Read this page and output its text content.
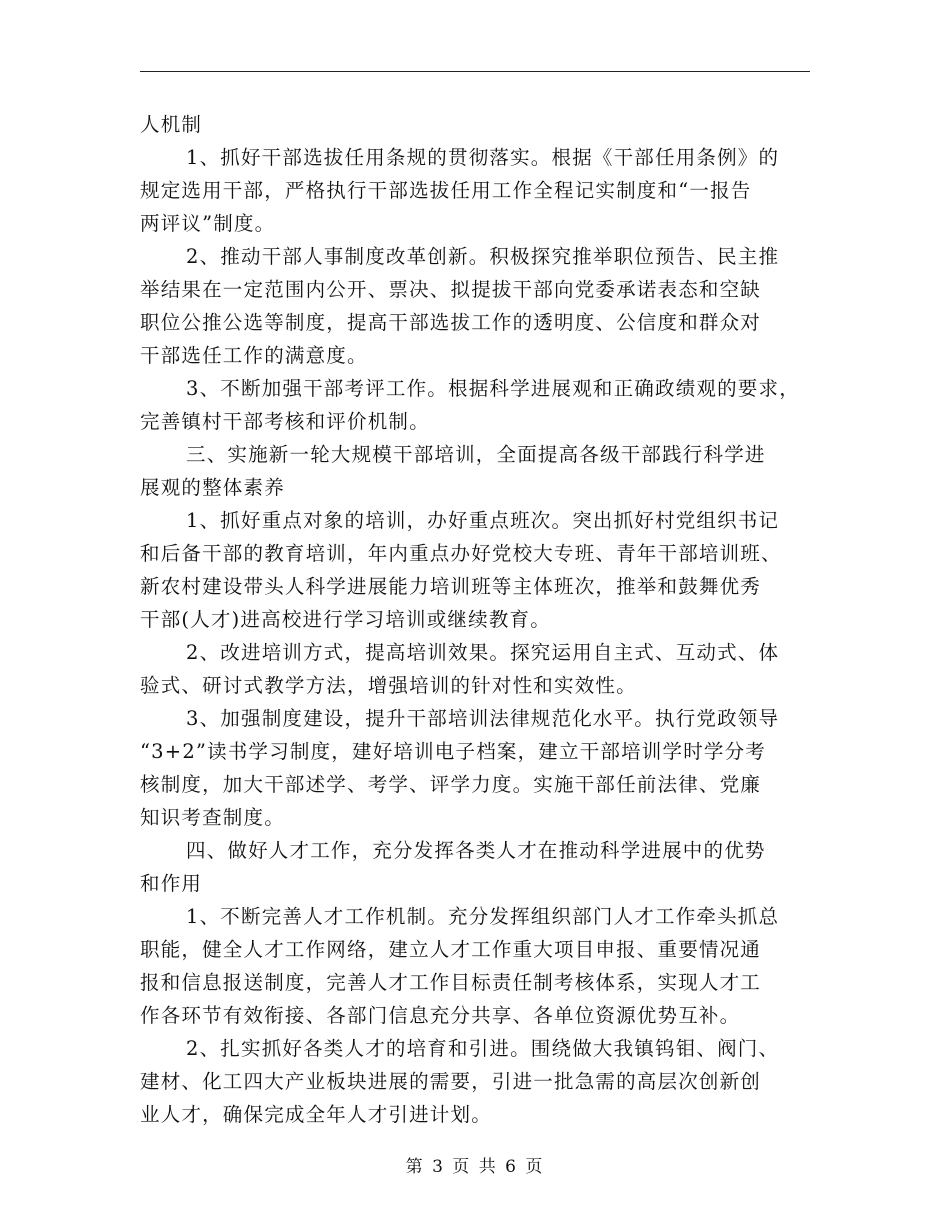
人机制
1、抓好干部选拔任用条规的贯彻落实。根据《干部任用条例》的
规定选用干部，严格执行干部选拔任用工作全程记实制度和“一报告
两评议”制度。
2、推动干部人事制度改革创新。积极探究推举职位预告、民主推
举结果在一定范围内公开、票决、拟提拔干部向党委承诺表态和空缺
职位公推公选等制度，提高干部选拔工作的透明度、公信度和群众对
干部选任工作的满意度。
3、不断加强干部考评工作。根据科学进展观和正确政绩观的要求，
完善镇村干部考核和评价机制。
三、实施新一轮大规模干部培训，全面提高各级干部践行科学进
展观的整体素养
1、抓好重点对象的培训，办好重点班次。突出抓好村党组织书记
和后备干部的教育培训，年内重点办好党校大专班、青年干部培训班、
新农村建设带头人科学进展能力培训班等主体班次，推举和鼓舞优秀
干部(人才)进高校进行学习培训或继续教育。
2、改进培训方式，提高培训效果。探究运用自主式、互动式、体
验式、研讨式教学方法，增强培训的针对性和实效性。
3、加强制度建设，提升干部培训法律规范化水平。执行党政领导
“3+2”读书学习制度，建好培训电子档案，建立干部培训学时学分考
核制度，加大干部述学、考学、评学力度。实施干部任前法律、党廉
知识考查制度。
四、做好人才工作，充分发挥各类人才在推动科学进展中的优势
和作用
1、不断完善人才工作机制。充分发挥组织部门人才工作牵头抓总
职能，健全人才工作网络，建立人才工作重大项目申报、重要情况通
报和信息报送制度，完善人才工作目标责任制考核体系，实现人才工
作各环节有效衔接、各部门信息充分共享、各单位资源优势互补。
2、扎实抓好各类人才的培育和引进。围绕做大我镇钨钼、阀门、
建材、化工四大产业板块进展的需要，引进一批急需的高层次创新创
业人才，确保完成全年人才引进计划。
第 3 页 共 6 页
